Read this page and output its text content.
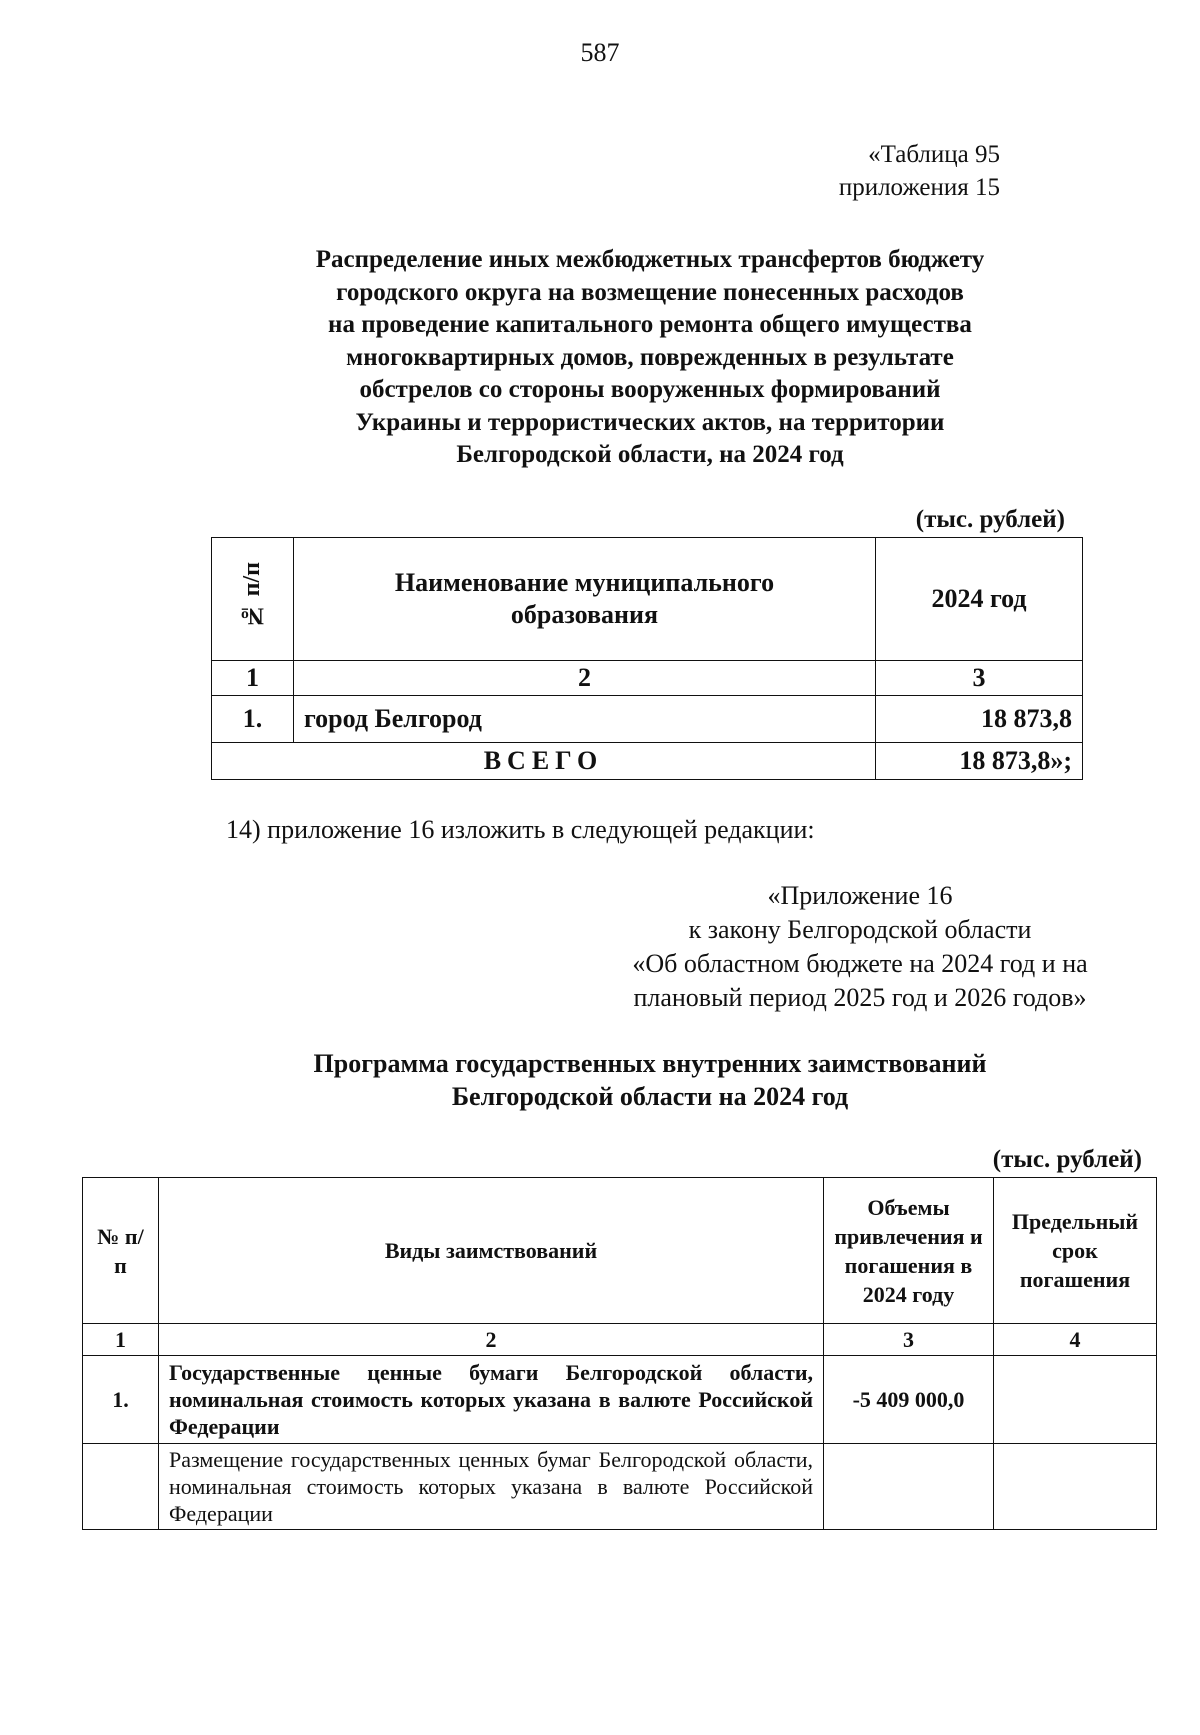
587
«Таблица 95
приложения 15
Распределение иных межбюджетных трансфертов бюджету
городского округа на возмещение понесенных расходов
на проведение капитального ремонта общего имущества
многоквартирных домов, поврежденных в результате
обстрелов со стороны вооруженных формирований
Украины и террористических актов, на территории
Белгородской области, на 2024 год
(тыс. рублей)
№ п/п	Наименование муниципального образования	2024 год
1	2	3
1.	город Белгород	18 873,8
ВСЕГО		18 873,8»;
14) приложение 16 изложить в следующей редакции:
«Приложение 16
к закону Белгородской области
«Об областном бюджете на 2024 год и на
плановый период 2025 год и 2026 годов»
Программа государственных внутренних заимствований
Белгородской области на 2024 год
(тыс. рублей)
№ п/п	Виды заимствований	Объемы привлечения и погашения в 2024 году	Предельный срок погашения
1	2	3	4
1.	Государственные ценные бумаги Белгородской области, номинальная стоимость которых указана в валюте Российской Федерации	-5 409 000,0	
	Размещение государственных ценных бумаг Белгородской области, номинальная стоимость которых указана в валюте Российской Федерации		
